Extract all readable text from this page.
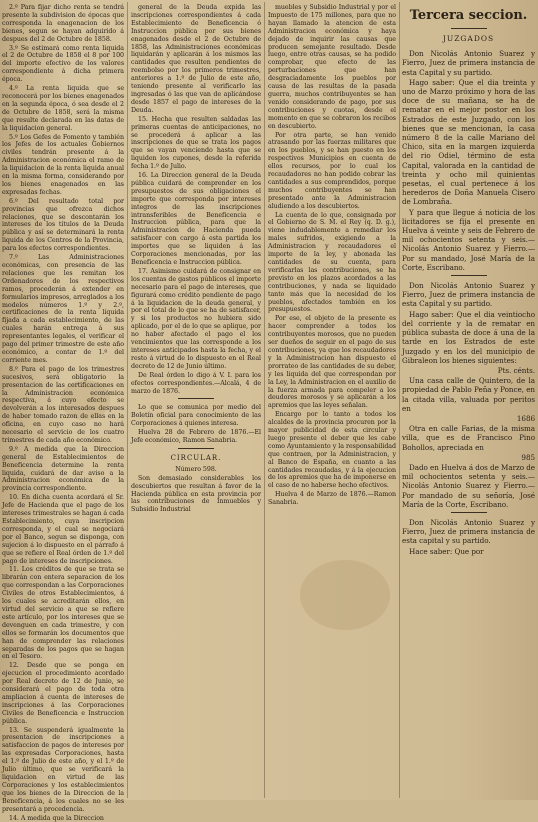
2.º Para fijar dicho renta se tendrá presente la subdivision de épocas que corresponda la enagenacion de los bienes, segun se hayan adquirido á despues del 2 de Octubre de 1858.

3.º Se estimará como renta liquida el 2 de Octubre de 1858 el 8 por 100 del importe efectivo de los valores correspondiente á dicha primera época.

4.º La renta liquida que se reconocerá por los bienes enagenados en la segunda época, ó sea desde el 2 de Octubre de 1858, será la misma que resulte declarada en las datas de la liquidacion general.

5.º Los Gefes de Fomento y también los Jefes de los actuales Gobiernos civiles tendrán presente á la Administracion económica el ramo de la liquidacion de la renta liquida anual en la misma forma, considerando por los bienes enagenados en las expresadas fechas.

6.º Del resultado total por provincias que ofrezca dichos relaciones, que se descontarán los intereses de los títulos de la Deuda pública y así se determinará la renta liquida de los Centros de la Provincia, para los efectos correspondientes.

7.º Las Administraciones económicas, con presencia de las relaciones que les remitan los Ordenadores de los respectivos ramos, procederán á extender en formularios impresos, arreglados a los modelos números 1.º y 2.º, certificaciones de la renta líquida fijada a cada establecimiento, de las cuales harán entrega á sus representantes legales, el verificar el pago del primer trimestre de este año económico, a contar de 1.º del corriente mes.

8.º Para el pago de los trimestres sucesivos, será obligatorio la presentacion de las certificaciones en la Administracion económica respectiva, á cuyo efecto se devolverán a los interesados despues de haber tomado razon de ellas en la oficina, en cuyo caso no hará necesario el servicio de los cuatro trimestres de cada año económico.

9.º A medida que la Direccion general de Establecimientos de Beneficencia determine la renta liquida, cuidará de dar aviso a la Administracion económica de la provincia correspondiente.

10. En dicha cuenta acordará el Sr. Jefe de Hacienda que el pago de los intereses trimestrales se hagan á cada Establecimiento, cuya inscripcion corresponda, y el cual se negociará por el Banco, segun se disponga, con sujecion á lo dispuesto en el párrafo á que se refiere el Real órden de 1.º del pago de intereses de inscripciones.

11. Los créditos de que se trata se librarán con entera separacion de los que correspondan a las Corporaciones Civiles de otros Establecimientos, á los cuales se acreditarán ellos, en virtud del servicio a que se refiere este artículo, por los intereses que se devenguen en cada trimestre, y con ellos se formarán los documentos que han de comprender las relaciones separadas de los pagos que se hagan en el Tesoro.

12. Desde que se ponga en ejecucion el procedimiento acordado por Real decreto de 12 de Junio, se considerará el pago de toda otra ampliacion á cuenta de intereses de inscripciones á las Corporaciones Civiles de Beneficencia e Instruccion pública.

13. Se suspenderá igualmente la presentacion de inscripciones a satisfaccion de pagos de intereses por las expresadas Corporaciones, hasta el 1.º de Julio de este año, y el 1.º de Julio último, que se verificará la liquidacion en virtud de las Corporaciones y los establecimientos que los bienes de la Direccion de la Beneficencia, á los cuales no se les presentará a procedencia.

14. A medida que la Direccion

general de la Deuda expida las inscripciones correspondientes á cada Establecimiento de Beneficencia ó Instruccion pública por sus bienes enagenados desde el 2 de Octubre de 1858, las Administraciones económicas liquidarán y aplicarán á los mismos las cantidades que resulten pendientes de reembolso por los primeros trimestres, anteriores a 1.º de Julio de este año, teniendo presente al verificarlo las ingresadas ó las que van de aplicándose desde 1857 el pago de intereses de la Deuda.

15. Hecha que resulten saldadas las primeras cuentas de anticipaciones, no se procederá á aplicar a las inscripciones de que se trata los pagos que se vayan venciendo hasta que se liquiden los cupones, desde la referida fecha 1.º de Julio.

16. La Direccion general de la Deuda pública cuidará de comprender en los presupuestos de sus obligaciones el importe que corresponda por intereses integros de las inscripciones intransferibles de Beneficencia e Instruccion pública, para que la Administracion de Hacienda pueda satisfacer con cargo á esta partida los importes que se liquiden á las Corporaciones mencionadas, por las Beneficencia e Instruccion pública.

17. Asimismo cuidará de consignar en los cuentas de gastos públicos el importe necesario para el pago de intereses, que figurará como crédito pendiente de pago á la liquidacion de la deuda general, y por el total de lo que se ha de satisfacer, y si los productos no hubiera sido aplicado, por el de lo que se aplique, por no haber afectado el pago el los vencimientos que las corresponde a los intereses anticipados hasta la fecha, y el resto á virtud de lo dispuesto en el Real decreto de 12 de Junio último.

De Real órden lo digo á V. I. para los efectos correspondientes.—Alcalá, 4 de marzo de 1876.

Lo que se comunica por medio del Boletín oficial para conocimiento de las Corporaciones á quienes interesa.

Huelva 28 de Febrero de 1876.—El Jefe económico, Ramon Sanabria.

CIRCULAR.

Número 598.

Son demasiado considerables los descubiertos que resultan á favor de la Hacienda pública en esta provincia por las contribuciones de Inmuebles y Subsidio Industrial

muebles y Subsidio Industrial y por el Impuesto de 175 millones, para que no hayan llamado la atencion de esta Administracion económica y haya dejado de inquirir las causas que producen semejante resultado. Desde luego, entre otras causas, se ha podido comprobar, que efecto de las perturbaciones que han desgraciadamente los pueblos por causa de las resultas de la pasada guerra, muchos contribuyentes se han venido considerando de pago, por sus contribuciones y cuotas, desde el momento en que se cobraron los recibos en descubierto.

Por otra parte, se han venido atrasando por las fuerzas militares que en los pueblos, y se han puesto en los respectivos Municipios en cuenta de ellos recursos, por lo cual los recaudadores no han podido cobrar las cantidades a sus comprendidos, porque muchos contribuyentes se han presentado ante la Administracion aludiendo a los descubiertos.

La cuenta de lo que, consignada por el Gobierno de S. M. el Rey (q. D. g.), viene indudablemente a remediar los males sufridos, exigiendo a la Administracion y recaudadores el importe de la ley, y abonada las cantidades de su cuenta, para verificarlas las contribuciones, se ha previsto en los plazos acordados a las contribuciones, y nada se liquidado tanto más que la necesidad de los pueblos, afectados también en los presupuestos.

Por ese, el objeto de la presente es hacer comprender a todos los contribuyentes morosos, que no pueden ser dueños de seguir en el pago de sus contribuciones, ya que los recaudadores y la Administracion han dispuesto el prorrateo de las cantidades de su deber, y les liquida del que correspondan por la Ley, la Administracion en el auxilio de la fuerza armada para compeler a los deudores morosos y se aplicarán a los apremios que las leyes señalan.

Encargo por lo tanto a todos los alcaldes de la provincia procuren por la mayor publicidad de esta circular y luego presente el deber que les cabe como Ayuntamiento y la responsabilidad que contraen, por la Administracion, y al Banco de España, en cuanto a las cantidades recaudadas, y á la ejecucion de los apremios que ha de imponerse en el caso de no haberse hecho efectivos.

Huelva 4 de Marzo de 1876.—Ramon Sanabria.

Tercera seccion.
JUZGADOS

Don Nicolás Antonio Suarez y Fierro, Juez de primera instancia de esta Capital y su partido.

Hago saber: Que el dia treinta y uno de Marzo próximo y hora de las doce de su mañana, se ha de rematar en el mejor postor en los Estrados de este Juzgado, con los bienes que se mencionan, la casa número 8 de la calle Mariano del Chico, sita en la margen izquierda del rio Odiel, término de esta Capital, valorada en la cantidad de treinta y ocho mil quinientas pesetas, el cual pertenece á los herederos de Doña Manuela Cisero de Lombraña.

Y para que llegue á noticia de los licitadores se fija el presente en Huelva á veinte y seis de Febrero de mil ochocientos setenta y seis.—Nicolás Antonio Suarez y Fierro.—Por su mandado, José María de la Corte, Escribano.

Don Nicolás Antonio Suarez y Fierro, Juez de primera instancia de esta Capital y su partido.

Hago saber: Que el dia veintiocho del corriente y la de rematar en pública subasta de doce á una de la tarde en los Estrados de este Juzgado y en los del municipio de Gibraleon los bienes siguientes:

Pts. cénts.

Una casa calle de Quintero, de la propiedad de Pablo Peña y Ponce, en la citada villa, valuada por peritos en

1686

Otra en calle Farias, de la misma villa, que es de Francisco Pino Bohollos, apreciada en

985

Dado en Huelva á dos de Marzo de mil ochocientos setenta y seis.—Nicolás Antonio Suarez y Fierro.—Por mandado de su señoría, José María de la Corte, Escribano.

Don Nicolás Antonio Suarez y Fierro, Juez de primera instancia de esta capital y su partido.

Hace saber: Que por
